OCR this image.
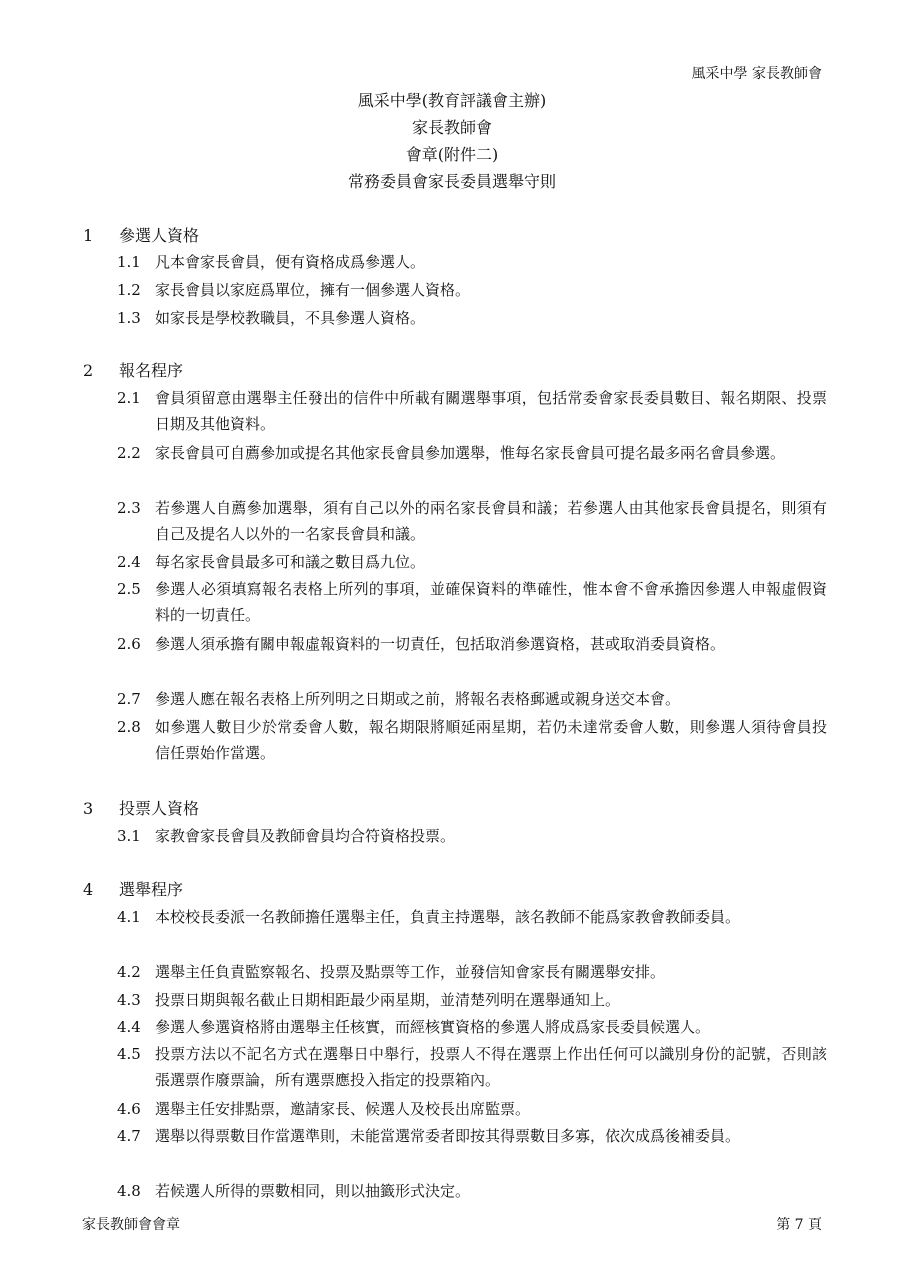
風采中學 家長教師會
風采中學(教育評議會主辦)
家長教師會
會章(附件二)
常務委員會家長委員選舉守則
1 參選人資格
1.1 凡本會家長會員，便有資格成爲參選人。
1.2 家長會員以家庭爲單位，擁有一個參選人資格。
1.3 如家長是學校教職員，不具參選人資格。
2 報名程序
2.1 會員須留意由選舉主任發出的信件中所載有關選舉事項，包括常委會家長委員數目、報名期限、投票日期及其他資料。
2.2 家長會員可自薦參加或提名其他家長會員參加選舉，惟每名家長會員可提名最多兩名會員參選。
2.3 若參選人自薦參加選舉，須有自己以外的兩名家長會員和議；若參選人由其他家長會員提名，則須有自己及提名人以外的一名家長會員和議。
2.4 每名家長會員最多可和議之數目爲九位。
2.5 參選人必須填寫報名表格上所列的事項，並確保資料的準確性，惟本會不會承擔因參選人申報虛假資料的一切責任。
2.6 參選人須承擔有關申報虛報資料的一切責任，包括取消參選資格，甚或取消委員資格。
2.7 參選人應在報名表格上所列明之日期或之前，將報名表格郵遞或親身送交本會。
2.8 如參選人數目少於常委會人數，報名期限將順延兩星期，若仍未達常委會人數，則參選人須待會員投信任票始作當選。
3 投票人資格
3.1 家教會家長會員及教師會員均合符資格投票。
4 選舉程序
4.1 本校校長委派一名教師擔任選舉主任，負責主持選舉，該名教師不能爲家教會教師委員。
4.2 選舉主任負責監察報名、投票及點票等工作，並發信知會家長有關選舉安排。
4.3 投票日期與報名截止日期相距最少兩星期，並清楚列明在選舉通知上。
4.4 參選人參選資格將由選舉主任核實，而經核實資格的參選人將成爲家長委員候選人。
4.5 投票方法以不記名方式在選舉日中舉行，投票人不得在選票上作出任何可以識別身份的記號，否則該張選票作廢票論，所有選票應投入指定的投票箱內。
4.6 選舉主任安排點票，邀請家長、候選人及校長出席監票。
4.7 選舉以得票數目作當選準則，未能當選常委者即按其得票數目多寡，依次成爲後補委員。
4.8 若候選人所得的票數相同，則以抽籤形式決定。
家長教師會會章	第 7 頁
